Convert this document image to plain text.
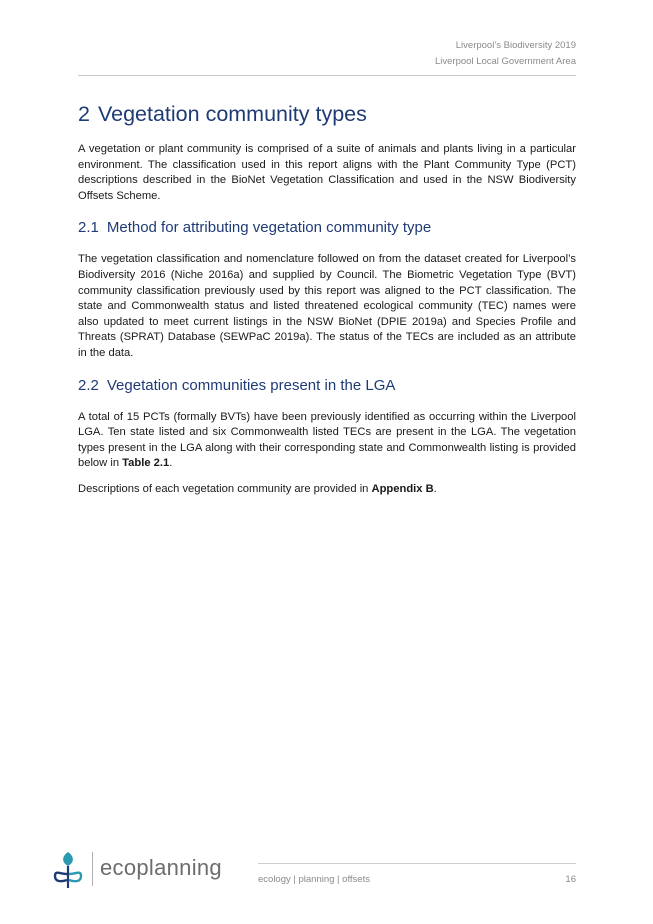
Liverpool’s Biodiversity 2019
Liverpool Local Government Area
2 Vegetation community types

A vegetation or plant community is comprised of a suite of animals and plants living in a particular environment. The classification used in this report aligns with the Plant Community Type (PCT) descriptions described in the BioNet Vegetation Classification and used in the NSW Biodiversity Offsets Scheme.

2.1 Method for attributing vegetation community type

The vegetation classification and nomenclature followed on from the dataset created for Liverpool’s Biodiversity 2016 (Niche 2016a) and supplied by Council. The Biometric Vegetation Type (BVT) community classification previously used by this report was aligned to the PCT classification. The state and Commonwealth status and listed threatened ecological community (TEC) names were also updated to meet current listings in the NSW BioNet (DPIE 2019a) and Species Profile and Threats (SPRAT) Database (SEWPaC 2019a). The status of the TECs are included as an attribute in the data.

2.2 Vegetation communities present in the LGA

A total of 15 PCTs (formally BVTs) have been previously identified as occurring within the Liverpool LGA. Ten state listed and six Commonwealth listed TECs are present in the LGA. The vegetation types present in the LGA along with their corresponding state and Commonwealth listing is provided below in Table 2.1.

Descriptions of each vegetation community are provided in Appendix B.

ecoplanning	ecology | planning | offsets	16
